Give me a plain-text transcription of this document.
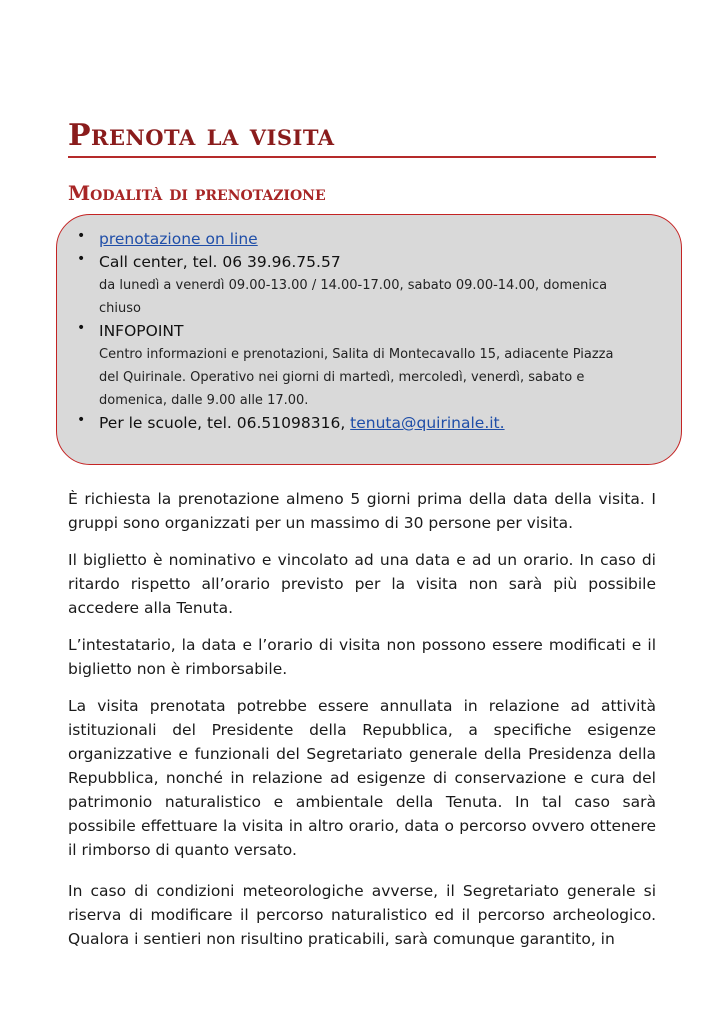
Prenota la visita
Modalità di prenotazione
• prenotazione on line
• Call center, tel. 06 39.96.75.57
da lunedì a venerdì 09.00-13.00 / 14.00-17.00, sabato 09.00-14.00, domenica
chiuso
• INFOPOINT
Centro informazioni e prenotazioni, Salita di Montecavallo 15, adiacente Piazza
del Quirinale. Operativo nei giorni di martedì, mercoledì, venerdì, sabato e
domenica, dalle 9.00 alle 17.00.
• Per le scuole, tel. 06.51098316, tenuta@quirinale.it.

È richiesta la prenotazione almeno 5 giorni prima della data della visita. I gruppi sono organizzati per un massimo di 30 persone per visita.

Il biglietto è nominativo e vincolato ad una data e ad un orario. In caso di ritardo rispetto all’orario previsto per la visita non sarà più possibile accedere alla Tenuta.

L’intestatario, la data e l’orario di visita non possono essere modificati e il biglietto non è rimborsabile.

La visita prenotata potrebbe essere annullata in relazione ad attività istituzionali del Presidente della Repubblica, a specifiche esigenze organizzative e funzionali del Segretariato generale della Presidenza della Repubblica, nonché in relazione ad esigenze di conservazione e cura del patrimonio naturalistico e ambientale della Tenuta. In tal caso sarà possibile effettuare la visita in altro orario, data o percorso ovvero ottenere il rimborso di quanto versato.

In caso di condizioni meteorologiche avverse, il Segretariato generale si riserva di modificare il percorso naturalistico ed il percorso archeologico. Qualora i sentieri non risultino praticabili, sarà comunque garantito, in
